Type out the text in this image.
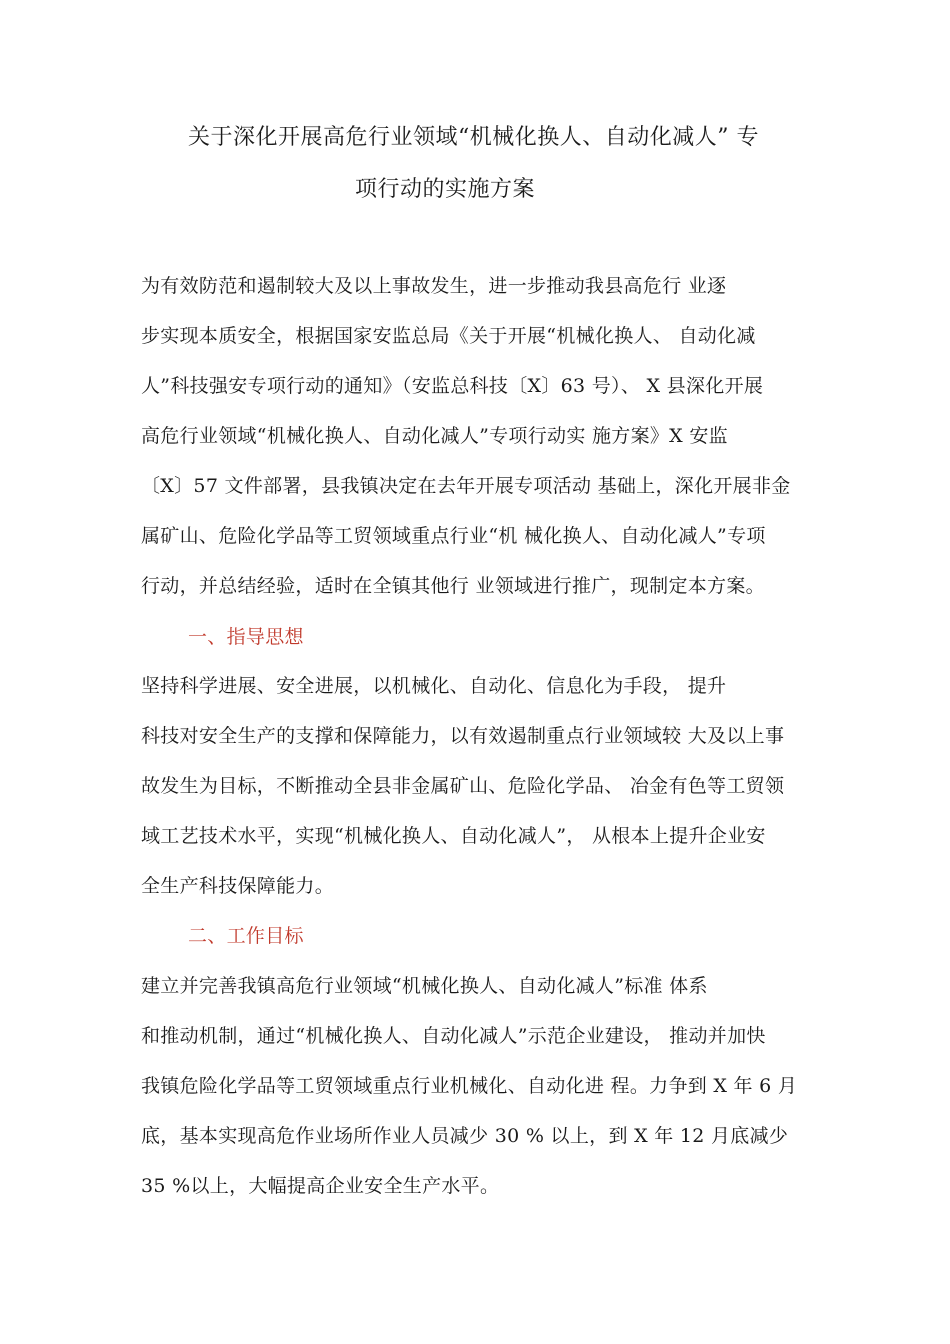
关于深化开展高危行业领域“机械化换人、自动化减人” 专
项行动的实施方案
为有效防范和遏制较大及以上事故发生，进一步推动我县高危行 业逐
步实现本质安全，根据国家安监总局《关于开展“机械化换人、 自动化减
人”科技强安专项行动的通知》（安监总科技〔X〕63 号）、 X 县深化开展
高危行业领域“机械化换人、自动化减人”专项行动实 施方案》X 安监
〔X〕57 文件部署，县我镇决定在去年开展专项活动 基础上，深化开展非金
属矿山、危险化学品等工贸领域重点行业“机 械化换人、自动化减人”专项
行动，并总结经验，适时在全镇其他行 业领域进行推广，现制定本方案。
一、指导思想
坚持科学进展、安全进展，以机械化、自动化、信息化为手段， 提升
科技对安全生产的支撑和保障能力，以有效遏制重点行业领域较 大及以上事
故发生为目标，不断推动全县非金属矿山、危险化学品、 冶金有色等工贸领
域工艺技术水平，实现“机械化换人、自动化减人”， 从根本上提升企业安
全生产科技保障能力。
二、工作目标
建立并完善我镇高危行业领域“机械化换人、自动化减人”标准 体系
和推动机制，通过“机械化换人、自动化减人”示范企业建设， 推动并加快
我镇危险化学品等工贸领域重点行业机械化、自动化进 程。力争到 X 年 6 月
底，基本实现高危作业场所作业人员减少 30 % 以上，到 X 年 12 月底减少
35 %以上，大幅提高企业安全生产水平。
